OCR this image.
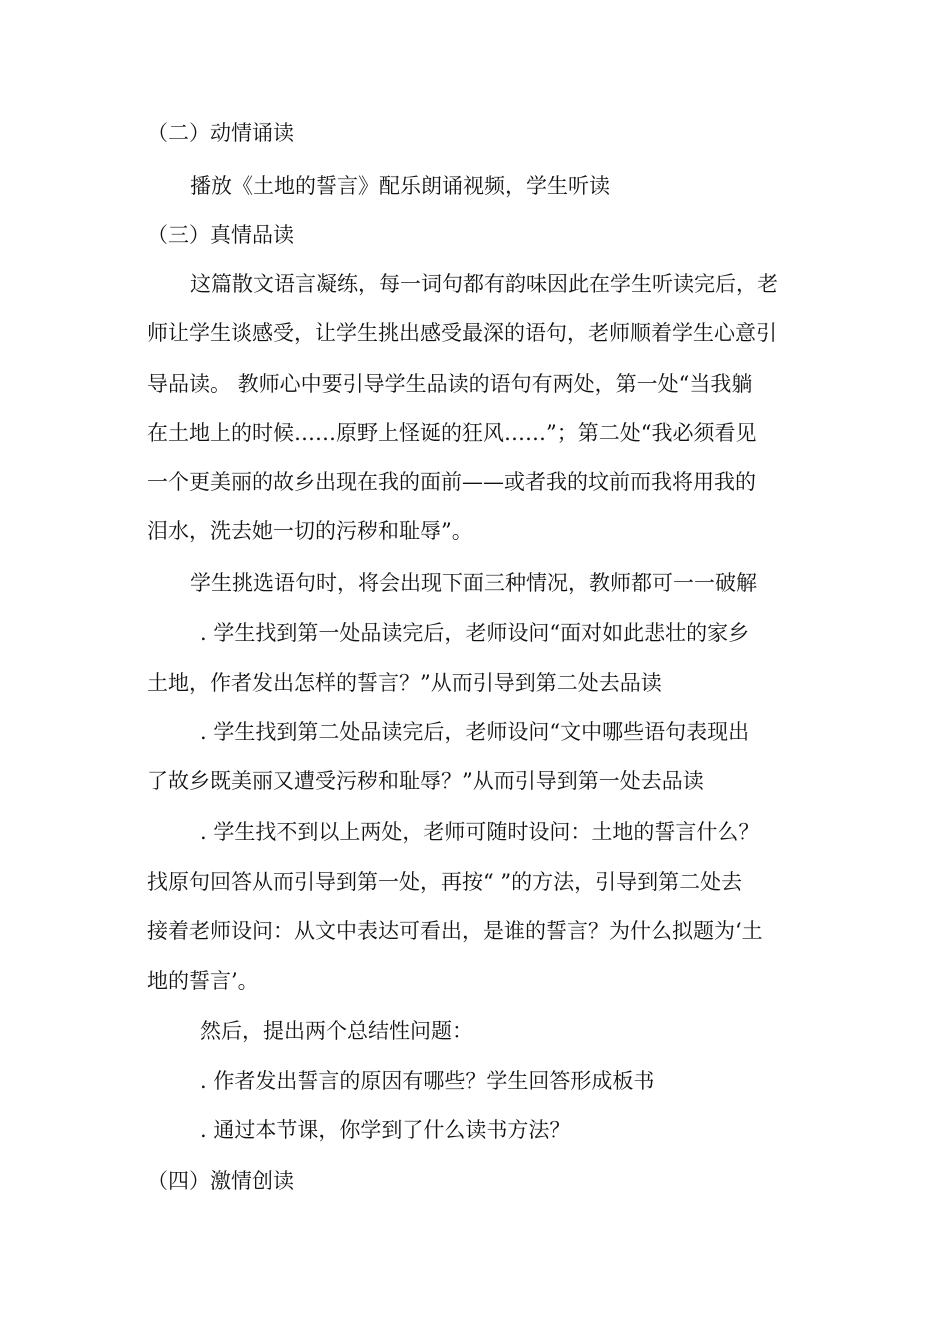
（二）动情诵读
播放《土地的誓言》配乐朗诵视频，学生听读
（三）真情品读
这篇散文语言凝练，每一词句都有韵味因此在学生听读完后，老
师让学生谈感受，让学生挑出感受最深的语句，老师顺着学生心意引
导品读。 教师心中要引导学生品读的语句有两处，第一处“当我躺
在土地上的时候……原野上怪诞的狂风……”；第二处“我必须看见
一个更美丽的故乡出现在我的面前——或者我的坟前而我将用我的
泪水，洗去她一切的污秽和耻辱”。
学生挑选语句时，将会出现下面三种情况，教师都可一一破解
. 学生找到第一处品读完后，老师设问“面对如此悲壮的家乡
土地，作者发出怎样的誓言？”从而引导到第二处去品读
. 学生找到第二处品读完后，老师设问“文中哪些语句表现出
了故乡既美丽又遭受污秽和耻辱？”从而引导到第一处去品读
. 学生找不到以上两处，老师可随时设问：土地的誓言什么？
找原句回答从而引导到第一处，再按“ ”的方法，引导到第二处去
接着老师设问：从文中表达可看出，是谁的誓言？为什么拟题为‘土
地的誓言’。
然后，提出两个总结性问题：
. 作者发出誓言的原因有哪些？学生回答形成板书
. 通过本节课，你学到了什么读书方法？
（四）激情创读
